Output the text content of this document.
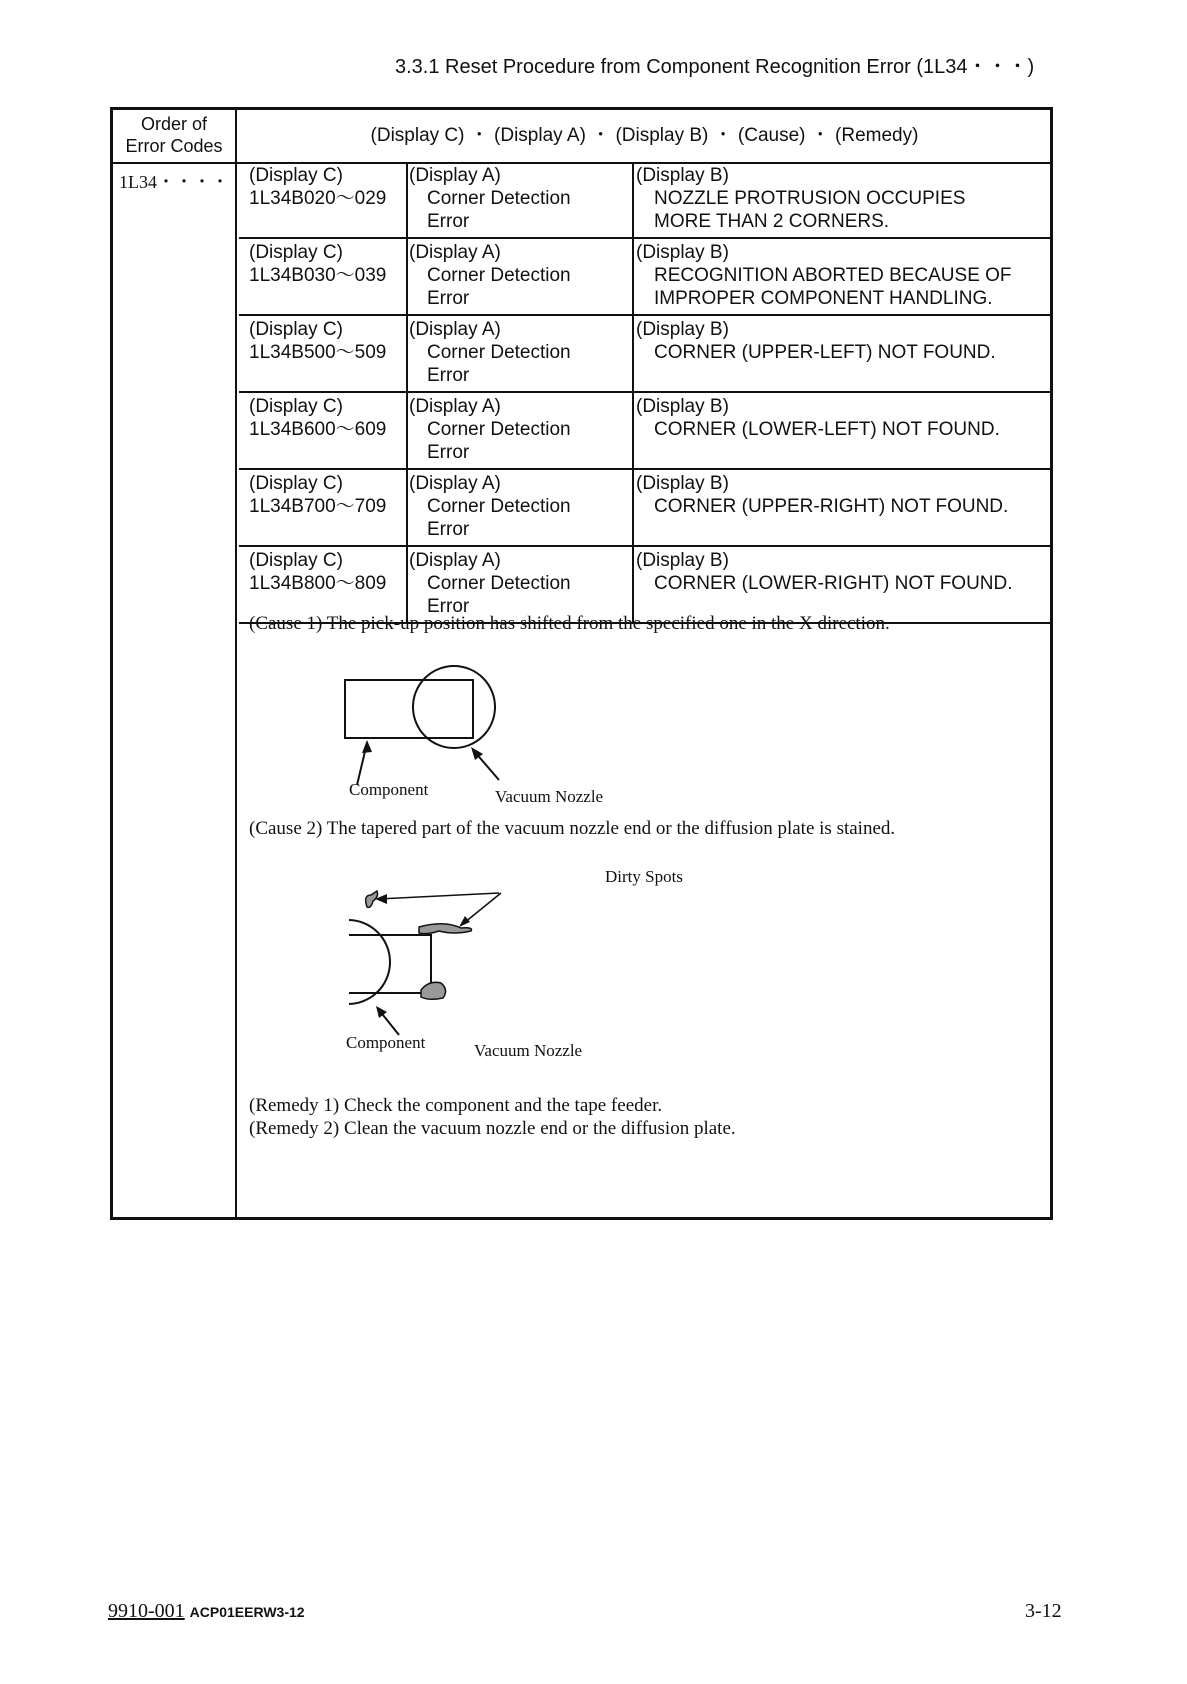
3.3.1 Reset Procedure from Component Recognition Error (1L34・・・)
Order of
Error Codes	(Display C) ・ (Display A) ・ (Display B) ・ (Cause) ・ (Remedy)
1L34・・・・	(Display C)
1L34B020～029
(Display A)
Corner Detection
Error
(Display B)
NOZZLE PROTRUSION OCCUPIES
MORE THAN 2 CORNERS.
(Display C)
1L34B030～039
(Display A)
Corner Detection
Error
(Display B)
RECOGNITION ABORTED BECAUSE OF
IMPROPER COMPONENT HANDLING.
(Display C)
1L34B500～509
(Display A)
Corner Detection
Error
(Display B)
CORNER (UPPER-LEFT) NOT FOUND.
(Display C)
1L34B600～609
(Display A)
Corner Detection
Error
(Display B)
CORNER (LOWER-LEFT) NOT FOUND.
(Display C)
1L34B700～709
(Display A)
Corner Detection
Error
(Display B)
CORNER (UPPER-RIGHT) NOT FOUND.
(Display C)
1L34B800～809
(Display A)
Corner Detection
Error
(Display B)
CORNER (LOWER-RIGHT) NOT FOUND.
(Cause 1) The pick-up position has shifted from the specified one in the X direction.
Component	Vacuum Nozzle
(Cause 2) The tapered part of the vacuum nozzle end or the diffusion plate is stained.
Dirty Spots
Component	Vacuum Nozzle
(Remedy 1) Check the component and the tape feeder.
(Remedy 2) Clean the vacuum nozzle end or the diffusion plate.
9910-001 ACP01EERW3-12	3-12
